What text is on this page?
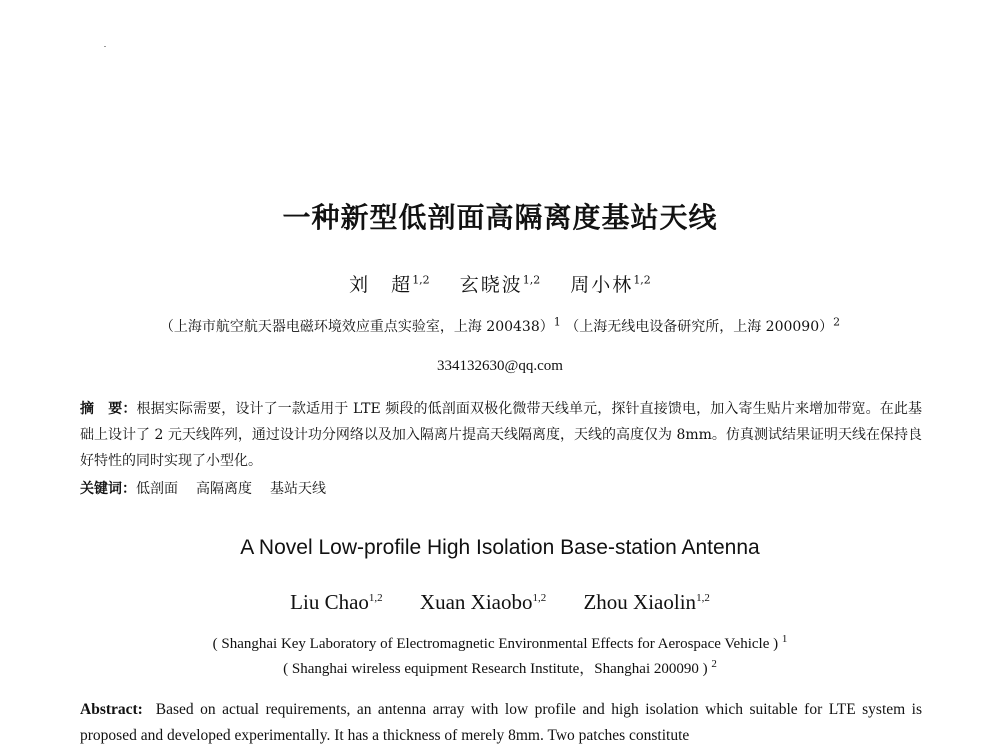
一种新型低剖面高隔离度基站天线
刘　超$^{1,2}$ 玄晓波$^{1,2}$ 周小林$^{1,2}$
（上海市航空航天器电磁环境效应重点实验室，上海 200438）$^1$ （上海无线电设备研究所，上海 200090）$^2$
334132630@qq.com
摘　要：根据实际需要，设计了一款适用于 LTE 频段的低剖面双极化微带天线单元，探针直接馈电，加入寄生贴片来增加带宽。在此基础上设计了 2 元天线阵列，通过设计功分网络以及加入隔离片提高天线隔离度，天线的高度仅为 8mm。仿真测试结果证明天线在保持良好特性的同时实现了小型化。
关键词：低剖面 高隔离度 基站天线
A Novel Low-profile High Isolation Base-station Antenna
Liu Chao$^{1,2}$ Xuan Xiaobo$^{1,2}$ Zhou Xiaolin$^{1,2}$
( Shanghai Key Laboratory of Electromagnetic Environmental Effects for Aerospace Vehicle ) $^1$
( Shanghai wireless equipment Research Institute，Shanghai 200090 ) $^2$
Abstract: Based on actual requirements, an antenna array with low profile and high isolation which suitable for LTE system is proposed and developed experimentally. It has a thickness of merely 8mm. Two patches constitute
